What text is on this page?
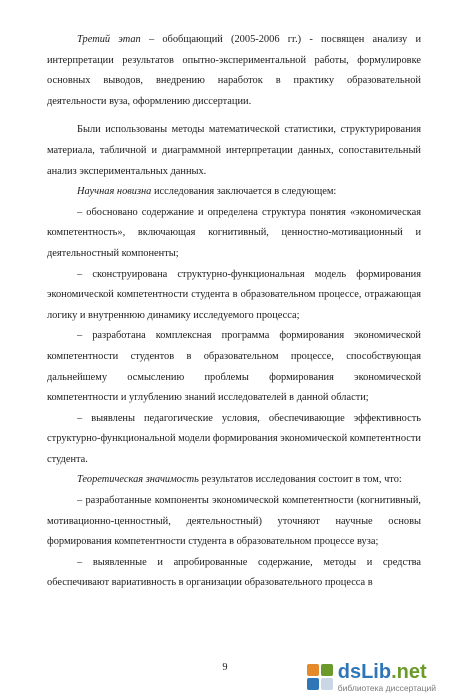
Третий этап – обобщающий (2005-2006 гг.) - посвящен анализу и интерпретации результатов опытно-экспериментальной работы, формулировке основных выводов, внедрению наработок в практику образовательной деятельности вуза, оформлению диссертации.

Были использованы методы математической статистики, структурирования материала, табличной и диаграммной интерпретации данных, сопоставительный анализ экспериментальных данных.

Научная новизна исследования заключается в следующем:

– обосновано содержание и определена структура понятия «экономическая компетентность», включающая когнитивный, ценностно-мотивационный и деятельностный компоненты;

– сконструирована структурно-функциональная модель формирования экономической компетентности студента в образовательном процессе, отражающая логику и внутреннюю динамику исследуемого процесса;

– разработана комплексная программа формирования экономической компетентности студентов в образовательном процессе, способствующая дальнейшему осмыслению проблемы формирования экономической компетентности и углублению знаний исследователей в данной области;

– выявлены педагогические условия, обеспечивающие эффективность структурно-функциональной модели формирования экономической компетентности студента.

Теоретическая значимость результатов исследования состоит в том, что:

– разработанные компоненты экономической компетентности (когнитивный, мотивационно-ценностный, деятельностный) уточняют научные основы формирования компетентности студента в образовательном процессе вуза;

– выявленные и апробированные содержание, методы и средства обеспечивают вариативность в организации образовательного процесса в

9	dsLib.net
библиотека диссертаций
